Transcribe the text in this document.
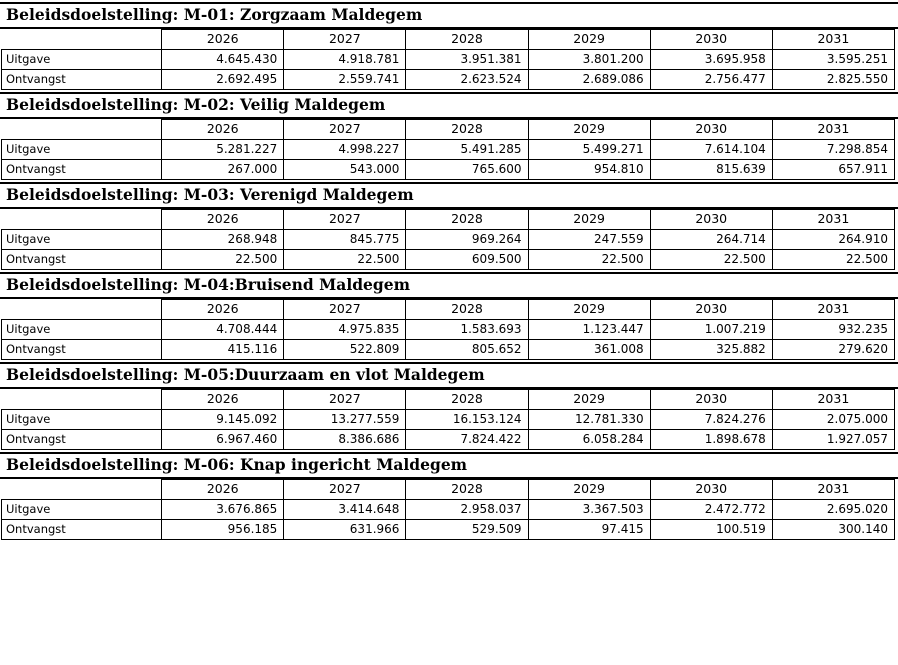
Beleidsdoelstelling: M-01: Zorgzaam Maldegem
	2026	2027	2028	2029	2030	2031
Uitgave	4.645.430	4.918.781	3.951.381	3.801.200	3.695.958	3.595.251
Ontvangst	2.692.495	2.559.741	2.623.524	2.689.086	2.756.477	2.825.550
Beleidsdoelstelling: M-02: Veilig Maldegem
	2026	2027	2028	2029	2030	2031
Uitgave	5.281.227	4.998.227	5.491.285	5.499.271	7.614.104	7.298.854
Ontvangst	267.000	543.000	765.600	954.810	815.639	657.911
Beleidsdoelstelling: M-03: Verenigd Maldegem
	2026	2027	2028	2029	2030	2031
Uitgave	268.948	845.775	969.264	247.559	264.714	264.910
Ontvangst	22.500	22.500	609.500	22.500	22.500	22.500
Beleidsdoelstelling: M-04:Bruisend Maldegem
	2026	2027	2028	2029	2030	2031
Uitgave	4.708.444	4.975.835	1.583.693	1.123.447	1.007.219	932.235
Ontvangst	415.116	522.809	805.652	361.008	325.882	279.620
Beleidsdoelstelling: M-05:Duurzaam en vlot Maldegem
	2026	2027	2028	2029	2030	2031
Uitgave	9.145.092	13.277.559	16.153.124	12.781.330	7.824.276	2.075.000
Ontvangst	6.967.460	8.386.686	7.824.422	6.058.284	1.898.678	1.927.057
Beleidsdoelstelling: M-06: Knap ingericht Maldegem
	2026	2027	2028	2029	2030	2031
Uitgave	3.676.865	3.414.648	2.958.037	3.367.503	2.472.772	2.695.020
Ontvangst	956.185	631.966	529.509	97.415	100.519	300.140
